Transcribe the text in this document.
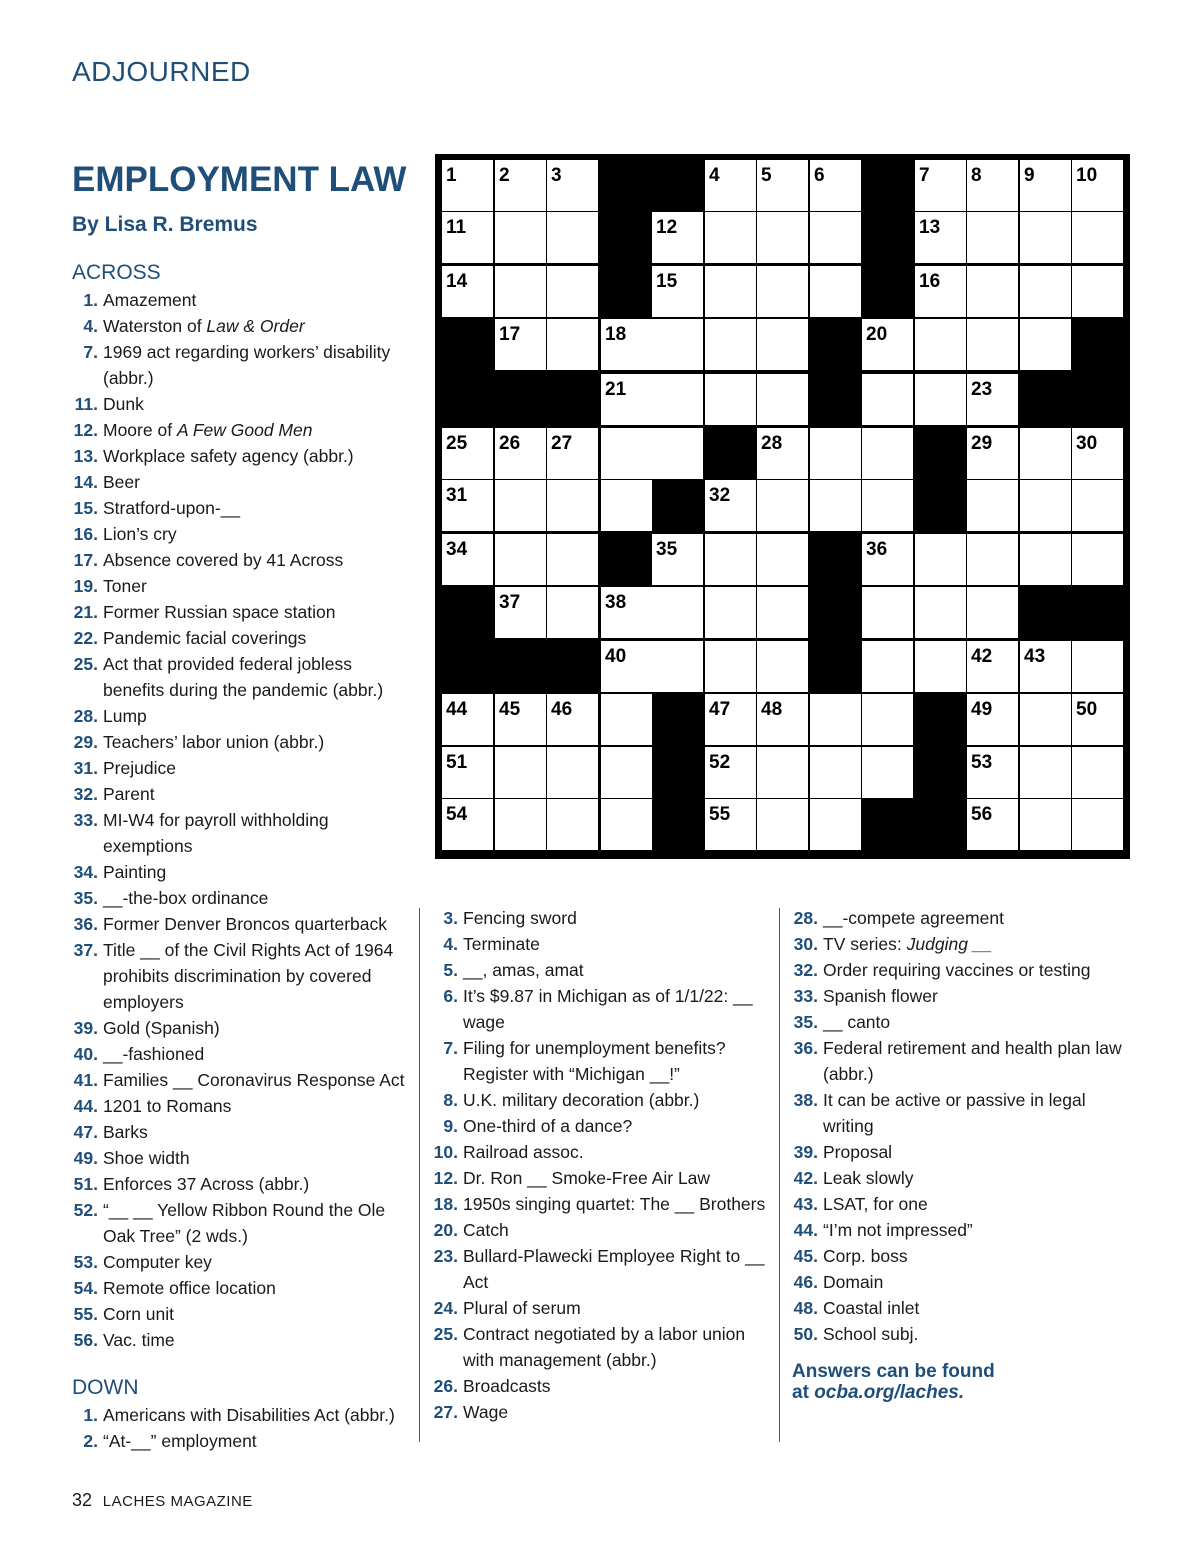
ADJOURNED
EMPLOYMENT LAW
By Lisa R. Bremus
ACROSS
1. Amazement
4. Waterston of Law & Order
7. 1969 act regarding workers’ disability (abbr.)
11. Dunk
12. Moore of A Few Good Men
13. Workplace safety agency (abbr.)
14. Beer
15. Stratford-upon-__
16. Lion’s cry
17. Absence covered by 41 Across
19. Toner
21. Former Russian space station
22. Pandemic facial coverings
25. Act that provided federal jobless benefits during the pandemic (abbr.)
28. Lump
29. Teachers’ labor union (abbr.)
31. Prejudice
32. Parent
33. MI-W4 for payroll withholding exemptions
34. Painting
35. __-the-box ordinance
36. Former Denver Broncos quarterback
37. Title __ of the Civil Rights Act of 1964 prohibits discrimination by covered employers
39. Gold (Spanish)
40. __-fashioned
41. Families __ Coronavirus Response Act
44. 1201 to Romans
47. Barks
49. Shoe width
51. Enforces 37 Across (abbr.)
52. “__ __ Yellow Ribbon Round the Ole Oak Tree” (2 wds.)
53. Computer key
54. Remote office location
55. Corn unit
56. Vac. time
DOWN
1. Americans with Disabilities Act (abbr.)
2. “At-__” employment
3. Fencing sword
4. Terminate
5. __, amas, amat
6. It’s $9.87 in Michigan as of 1/1/22: __ wage
7. Filing for unemployment benefits? Register with “Michigan __!”
8. U.K. military decoration (abbr.)
9. One-third of a dance?
10. Railroad assoc.
12. Dr. Ron __ Smoke-Free Air Law
18. 1950s singing quartet: The __ Brothers
20. Catch
23. Bullard-Plawecki Employee Right to __ Act
24. Plural of serum
25. Contract negotiated by a labor union with management (abbr.)
26. Broadcasts
27. Wage
28. __-compete agreement
30. TV series: Judging __
32. Order requiring vaccines or testing
33. Spanish flower
35. __ canto
36. Federal retirement and health plan law (abbr.)
38. It can be active or passive in legal writing
39. Proposal
42. Leak slowly
43. LSAT, for one
44. “I’m not impressed”
45. Corp. boss
46. Domain
48. Coastal inlet
50. School subj.
Answers can be found
at ocba.org/laches.
1 2 3	4 5 6	7 8 9 10
11	12	13
14	15	16
17	18	20
21	23
25 26 27	28	29	30
31	32
34	35	36
37	38
40	42 43
44 45 46	47 48	49	50
51	52	53
54	55	56
32 LACHES MAGAZINE
